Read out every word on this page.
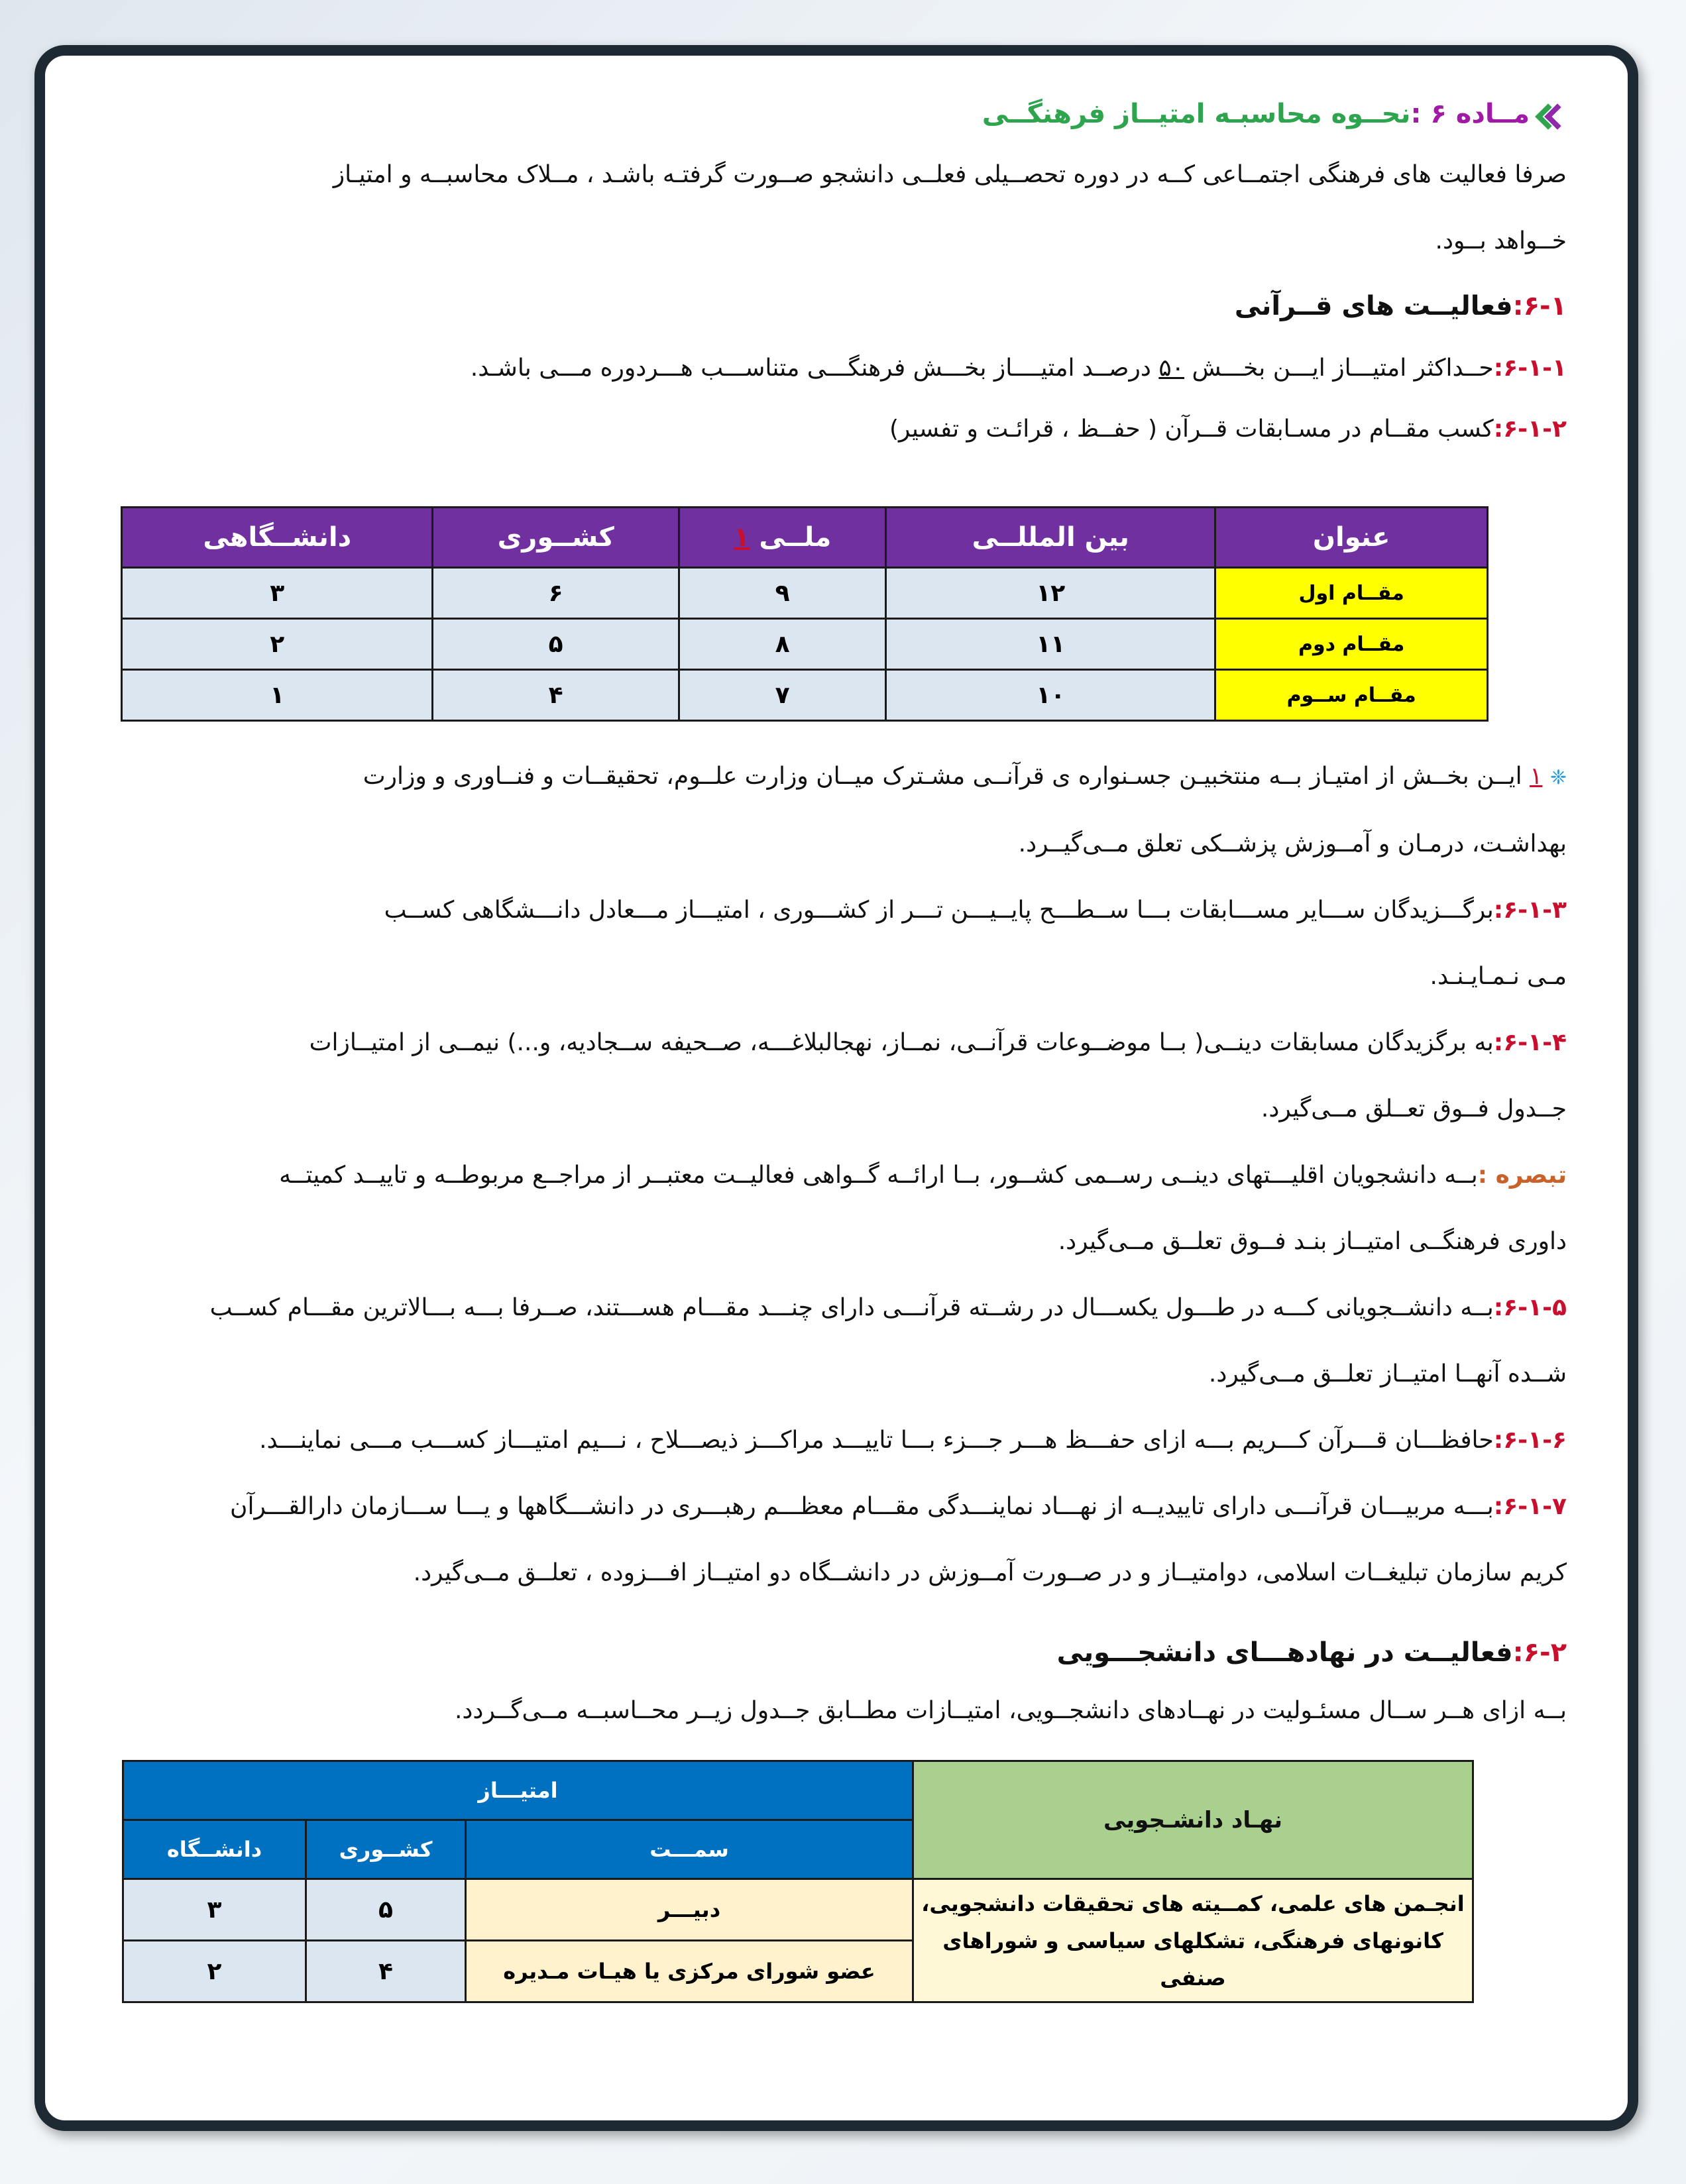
مــاده ۶ :نحــوه محاسبـه امتیــاز فرهنگــی

صرفا فعالیت های فرهنگی اجتمــاعی کــه در دوره تحصــیلی فعلــی دانشجو صــورت گرفتـه باشـد ، مــلاک محاسبــه و امتیـاز
خــواهد بــود.

۶-۱:فعالیــت های قــرآنی

۶-۱-۱:حــداکثر امتیـــاز ایـــن بخـــش ۵۰ درصــد امتیــــاز بخـــش فرهنگـــی متناســـب هـــردوره مـــی باشـد.

۶-۱-۲:کسب مقــام در مسـابقات قــرآن ( حفــظ ، قرائـت و تفسیر)

عنوان	بین المللــی	ملــی ۱	کشــوری	دانشــگاهی
مقــام اول	۱۲	۹	۶	۳
مقــام دوم	۱۱	۸	۵	۲
مقــام ســوم	۱۰	۷	۴	۱

❈ ۱ ایــن بخــش از امتیـاز بــه منتخبیـن جسـنواره ی قرآنــی مشـترک میــان وزارت علــوم، تحقیقــات و فنــاوری و وزارت
بهداشـت، درمـان و آمــوزش پزشــکی تعلق مــی‌گیــرد.

۶-۱-۳:برگـــزیدگان ســـایر مســـابقات بـــا ســطـــح پایــیـــن تـــر از کشـــوری ، امتیـــاز مـــعادل دانـــشگاهی کســب
مـی نـمـایـنـد.

۶-۱-۴:به برگزیدگان مسابقات دینــی( بــا موضــوعات قرآنــی، نمــاز، نهجالبلاغـــه، صــحیفه ســجادیه، و...) نیمــی از امتیــازات
جــدول فــوق تعــلق مــی‌گیرد.

تبصره :بــه دانشجویان اقلیـــتهای دینــی رســمی کشــور، بــا ارائــه گــواهی فعالیــت معتبــر از مراجــع مربوطــه و تاییــد کمیتــه
داوری فرهنگــی امتیــاز بنـد فــوق تعلــق مــی‌گیرد.

۶-۱-۵:بــه دانشــجویانی کـــه در طـــول یکســـال در رشــته قرآنـــی دارای چنـــد مقـــام هســـتند، صــرفا بـــه بـــالاترین مقـــام کســب
شــده آنهــا امتیــاز تعلــق مــی‌گیرد.

۶-۱-۶:حافظـــان قـــرآن کـــریم بـــه ازای حفـــظ هـــر جـــزء بـــا تاییـــد مراکـــز ذیصـــلاح ، نـــیم امتیـــاز کســـب مـــی نماینـــد.

۶-۱-۷:بـــه مربیـــان قرآنـــی دارای تاییدیــه از نهـــاد نماینـــدگی مقـــام معظـــم رهبـــری در دانشـــگاهها و یـــا ســـازمان دارالقـــرآن
کریم سازمان تبلیغــات اسلامی، دوامتیــاز و در صــورت آمــوزش در دانشــگاه دو امتیــاز افـــزوده ، تعلــق مــی‌گیرد.

۶-۲:فعالیــت در نهادهـــای دانشجـــویی

بــه ازای هــر ســال مسئـولیت در نهــادهای دانشجــویی، امتیــازات مطــابق جــدول زیــر محــاسبــه مــی‌گــردد.

نهـاد دانشـجویی	امتیـــاز		
	سمـــت	کشــوری	دانشــگاه
انجـمن های علمی، کمــیته های تحقیقات دانشجویی،
کانونهای فرهنگی، تشکلهای سیاسی و شوراهای صنفی	دبیـــر	۵	۳
	عضو شورای مرکزی یا هیـات مـدیره	۴	۲
